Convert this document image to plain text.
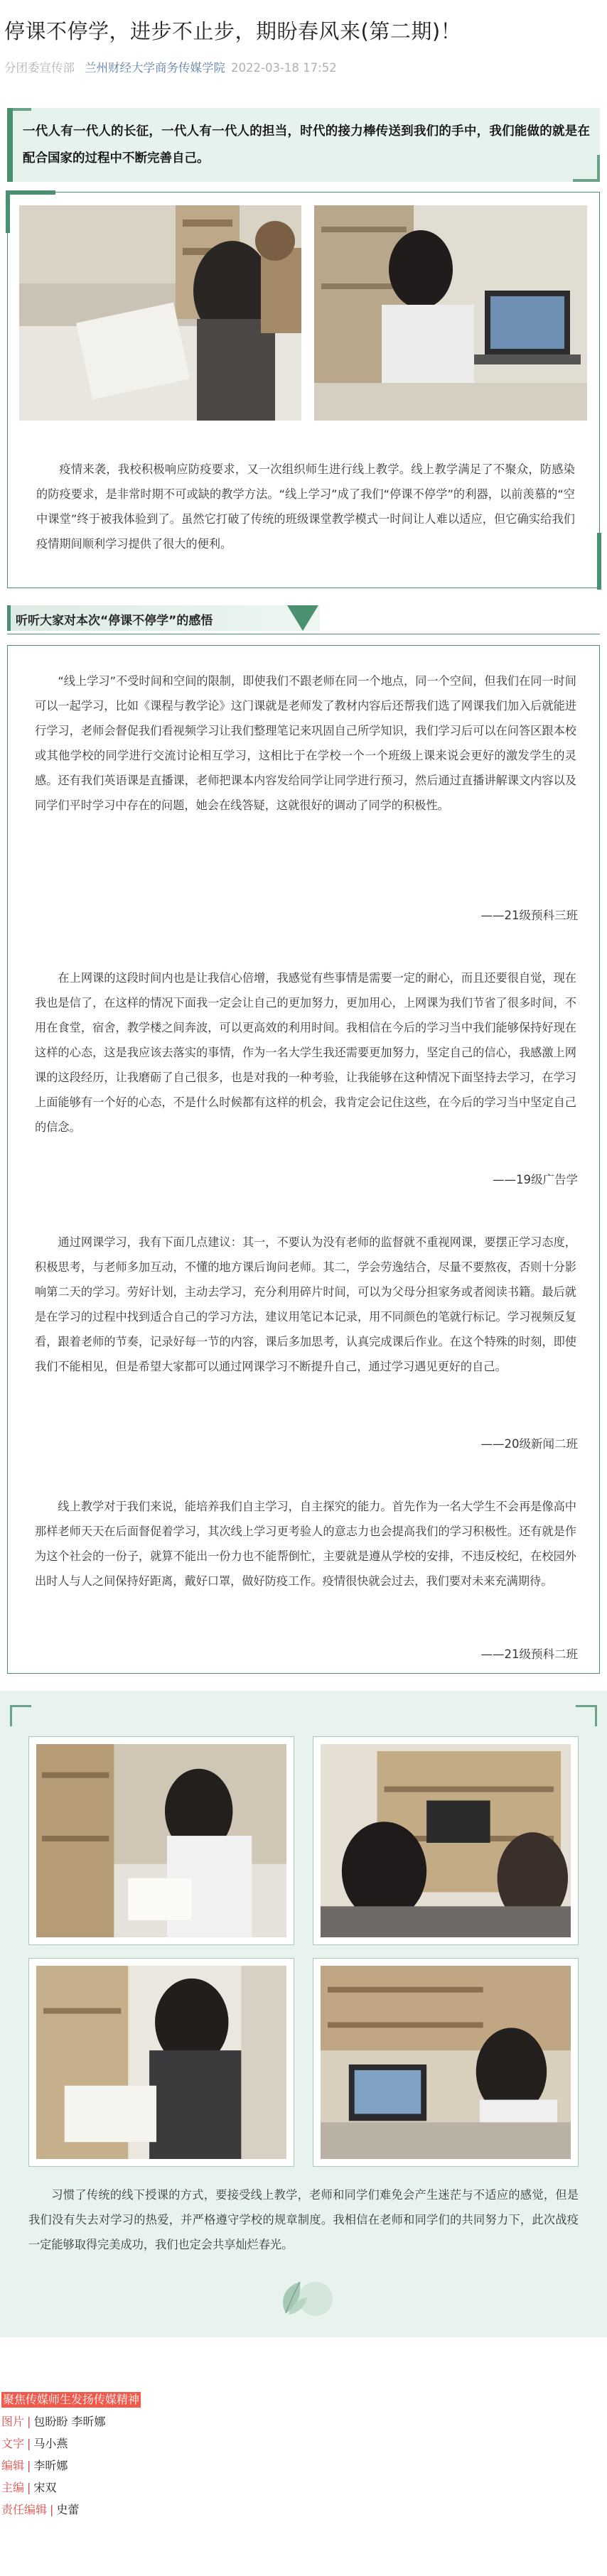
停课不停学，进步不止步，期盼春风来(第二期)！
分团委宣传部 兰州财经大学商务传媒学院 2022-03-18 17:52

一代人有一代人的长征，一代人有一代人的担当，时代的接力棒传送到我们的手中，我们能做的就是在配合国家的过程中不断完善自己。

疫情来袭，我校积极响应防疫要求，又一次组织师生进行线上教学。线上教学满足了不聚众，防感染的防疫要求，是非常时期不可或缺的教学方法。“线上学习”成了我们“停课不停学”的利器，以前羡慕的“空中课堂”终于被我体验到了。虽然它打破了传统的班级课堂教学模式一时间让人难以适应，但它确实给我们疫情期间顺利学习提供了很大的便利。

听听大家对本次“停课不停学”的感悟

“线上学习”不受时间和空间的限制，即使我们不跟老师在同一个地点，同一个空间，但我们在同一时间可以一起学习，比如《课程与教学论》这门课就是老师发了教材内容后还帮我们选了网课我们加入后就能进行学习，老师会督促我们看视频学习让我们整理笔记来巩固自己所学知识，我们学习后可以在问答区跟本校或其他学校的同学进行交流讨论相互学习，这相比于在学校一个一个班级上课来说会更好的激发学生的灵感。还有我们英语课是直播课，老师把课本内容发给同学让同学进行预习，然后通过直播讲解课文内容以及同学们平时学习中存在的问题，她会在线答疑，这就很好的调动了同学的积极性。

——21级预科三班

在上网课的这段时间内也是让我信心倍增，我感觉有些事情是需要一定的耐心，而且还要很自觉，现在我也是信了，在这样的情况下面我一定会让自己的更加努力，更加用心，上网课为我们节省了很多时间，不用在食堂，宿舍，教学楼之间奔波，可以更高效的利用时间。我相信在今后的学习当中我们能够保持好现在这样的心态，这是我应该去落实的事情，作为一名大学生我还需要更加努力，坚定自己的信心，我感激上网课的这段经历，让我磨砺了自己很多，也是对我的一种考验，让我能够在这种情况下面坚持去学习，在学习上面能够有一个好的心态，不是什么时候都有这样的机会，我肯定会记住这些，在今后的学习当中坚定自己的信念。

——19级广告学

通过网课学习，我有下面几点建议：其一，不要认为没有老师的监督就不重视网课，要摆正学习态度，积极思考，与老师多加互动，不懂的地方课后询问老师。其二，学会劳逸结合，尽量不要熬夜，否则十分影响第二天的学习。劳好计划，主动去学习，充分利用碎片时间，可以为父母分担家务或者阅读书籍。最后就是在学习的过程中找到适合自己的学习方法，建议用笔记本记录，用不同颜色的笔就行标记。学习视频反复看，跟着老师的节奏，记录好每一节的内容，课后多加思考，认真完成课后作业。在这个特殊的时刻，即使我们不能相见，但是希望大家都可以通过网课学习不断提升自己，通过学习遇见更好的自己。

——20级新闻二班

线上教学对于我们来说，能培养我们自主学习，自主探究的能力。首先作为一名大学生不会再是像高中那样老师天天在后面督促着学习，其次线上学习更考验人的意志力也会提高我们的学习积极性。还有就是作为这个社会的一份子，就算不能出一份力也不能帮倒忙，主要就是遵从学校的安排，不违反校纪，在校园外出时人与人之间保持好距离，戴好口罩，做好防疫工作。疫情很快就会过去，我们要对未来充满期待。

——21级预科二班

习惯了传统的线下授课的方式，要接受线上教学，老师和同学们难免会产生迷茫与不适应的感觉，但是我们没有失去对学习的热爱，并严格遵守学校的规章制度。我相信在老师和同学们的共同努力下，此次战疫一定能够取得完美成功，我们也定会共享灿烂春光。

聚焦传媒师生发扬传媒精神
图片 | 包盼盼 李昕娜
文字 | 马小燕
编辑 | 李昕娜
主编 | 宋双
责任编辑 | 史蕾
